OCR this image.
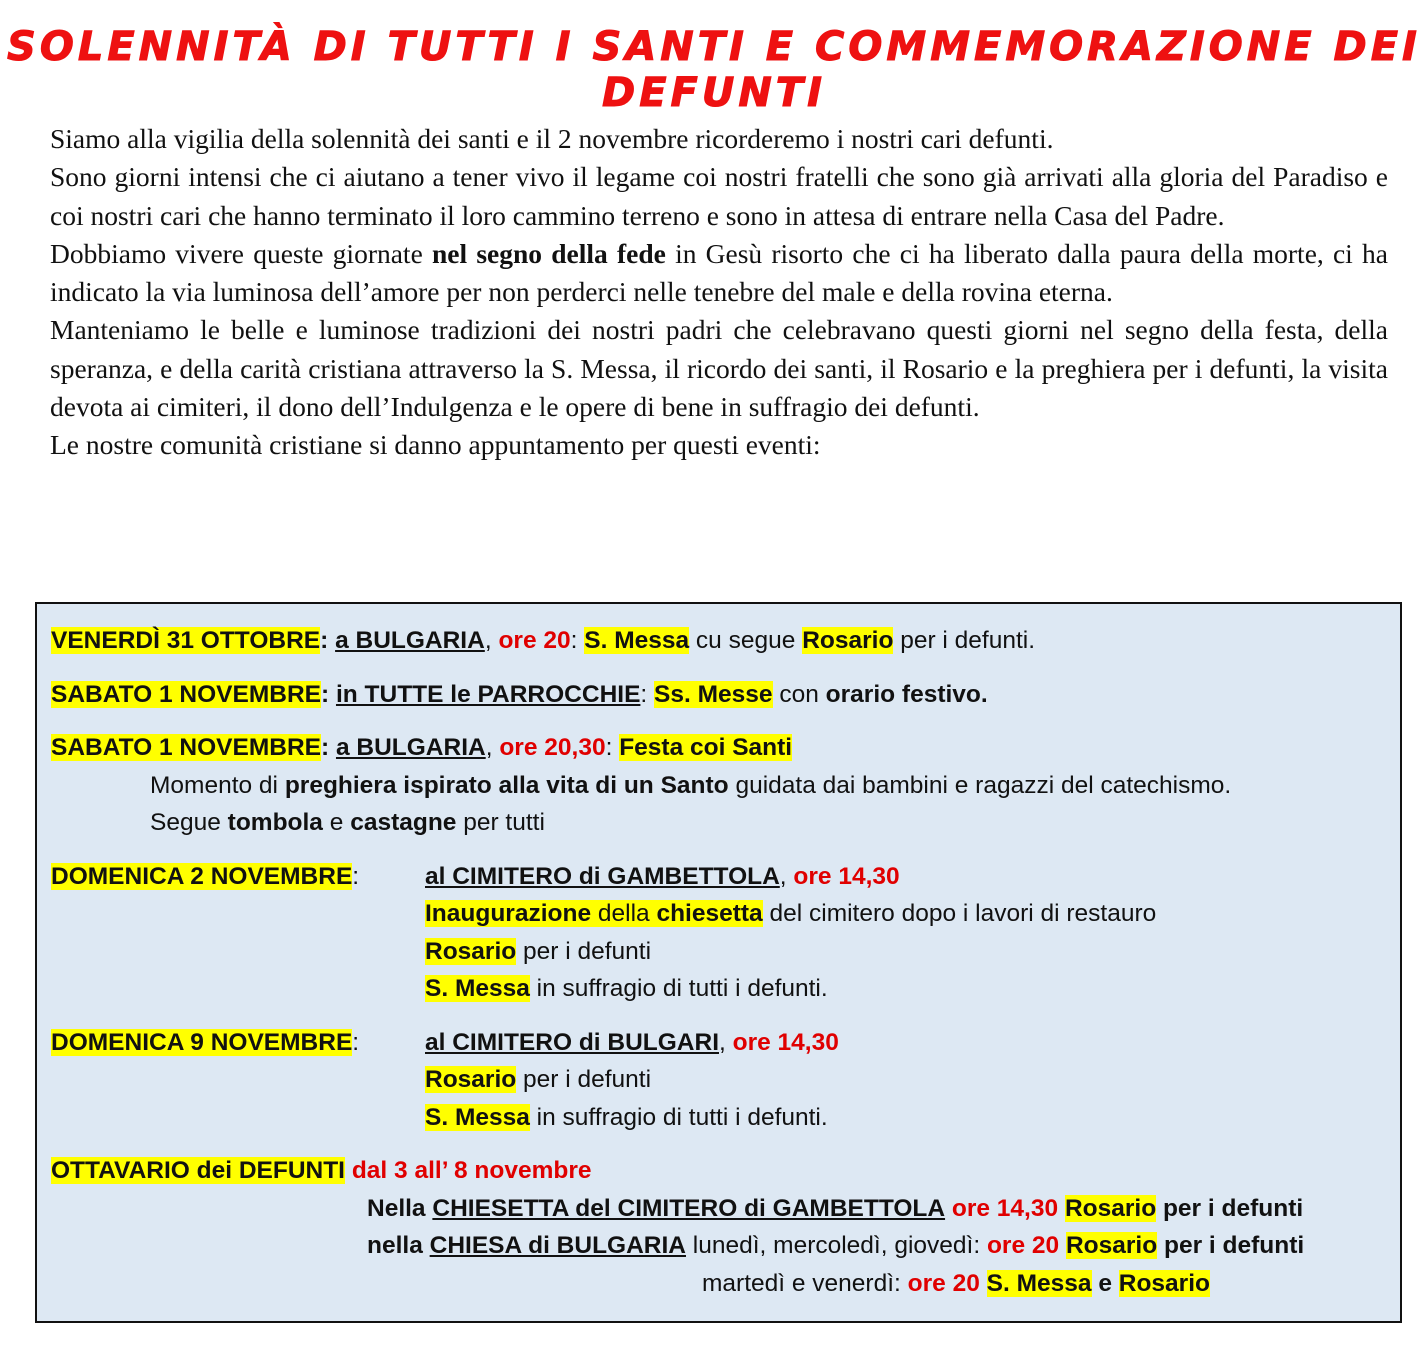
SOLENNITÀ DI TUTTI I SANTI E COMMEMORAZIONE DEI DEFUNTI

Siamo alla vigilia della solennità dei santi e il 2 novembre ricorderemo i nostri cari defunti.

Sono giorni intensi che ci aiutano a tener vivo il legame coi nostri fratelli che sono già arrivati alla gloria del Paradiso e coi nostri cari che hanno terminato il loro cammino terreno e sono in attesa di entrare nella Casa del Padre.

Dobbiamo vivere queste giornate nel segno della fede in Gesù risorto che ci ha liberato dalla paura della morte, ci ha indicato la via luminosa dell’amore per non perderci nelle tenebre del male e della rovina eterna.

Manteniamo le belle e luminose tradizioni dei nostri padri che celebravano questi giorni nel segno della festa, della speranza, e della carità cristiana attraverso la S. Messa, il ricordo dei santi, il Rosario e la preghiera per i defunti, la visita devota ai cimiteri, il dono dell’Indulgenza e le opere di bene in suffragio dei defunti.

Le nostre comunità cristiane si danno appuntamento per questi eventi:

VENERDÌ 31 OTTOBRE: a BULGARIA, ore 20: S. Messa cu segue Rosario per i defunti.
SABATO 1 NOVEMBRE: in TUTTE le PARROCCHIE: Ss. Messe con orario festivo.
SABATO 1 NOVEMBRE: a BULGARIA, ore 20,30: Festa coi Santi
Momento di preghiera ispirato alla vita di un Santo guidata dai bambini e ragazzi del catechismo.
Segue tombola e castagne per tutti
DOMENICA 2 NOVEMBRE:	al CIMITERO di GAMBETTOLA, ore 14,30
Inaugurazione della chiesetta del cimitero dopo i lavori di restauro
Rosario per i defunti
S. Messa in suffragio di tutti i defunti.
DOMENICA 9 NOVEMBRE:	al CIMITERO di BULGARI, ore 14,30
Rosario per i defunti
S. Messa in suffragio di tutti i defunti.
OTTAVARIO dei DEFUNTI dal 3 all’ 8 novembre
Nella CHIESETTA del CIMITERO di GAMBETTOLA ore 14,30 Rosario per i defunti
nella CHIESA di BULGARIA lunedì, mercoledì, giovedì: ore 20 Rosario per i defunti
martedì e venerdì: ore 20 S. Messa e Rosario
